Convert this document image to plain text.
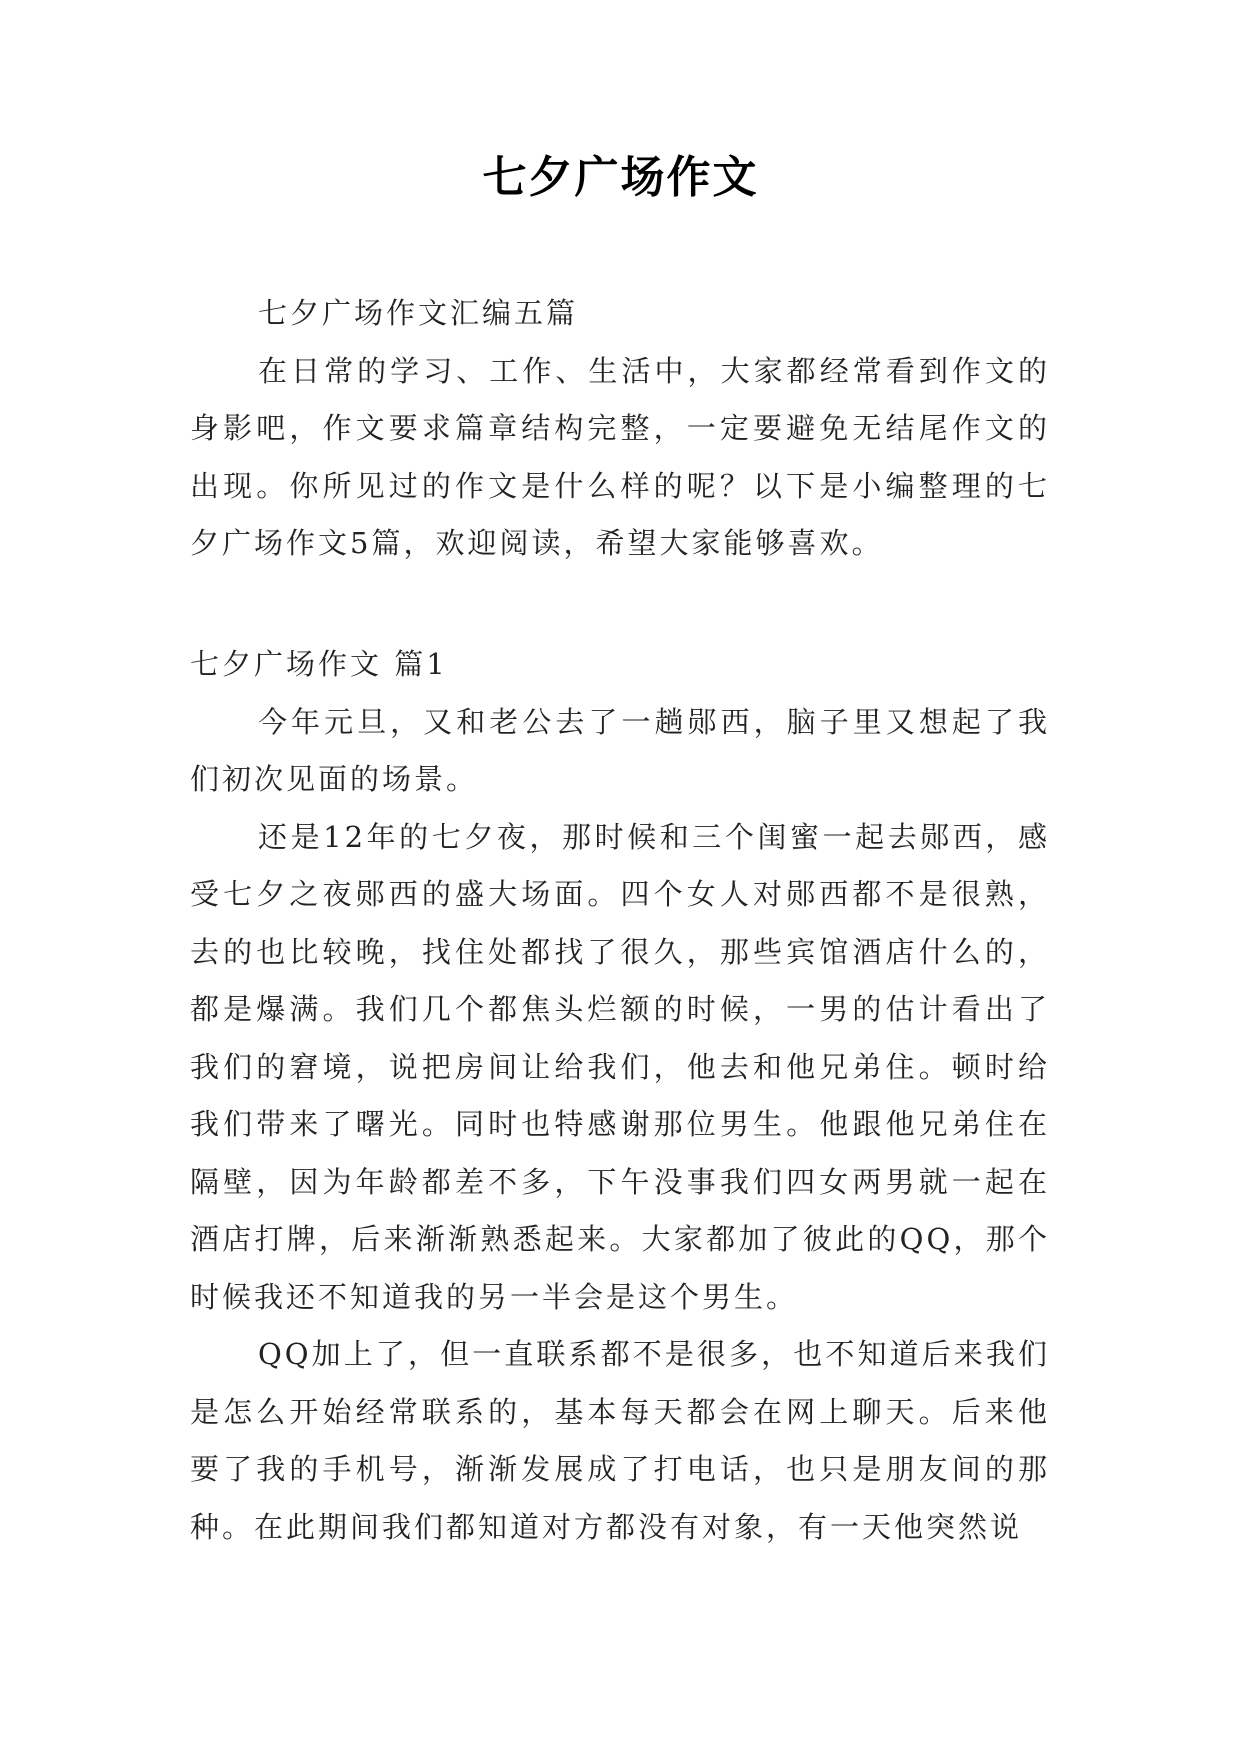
七夕广场作文

七夕广场作文汇编五篇

在日常的学习、工作、生活中，大家都经常看到作文的身影吧，作文要求篇章结构完整，一定要避免无结尾作文的出现。你所见过的作文是什么样的呢？以下是小编整理的七夕广场作文5篇，欢迎阅读，希望大家能够喜欢。

七夕广场作文 篇1

今年元旦，又和老公去了一趟郧西，脑子里又想起了我们初次见面的场景。

还是12年的七夕夜，那时候和三个闺蜜一起去郧西，感受七夕之夜郧西的盛大场面。四个女人对郧西都不是很熟，去的也比较晚，找住处都找了很久，那些宾馆酒店什么的，都是爆满。我们几个都焦头烂额的时候，一男的估计看出了我们的窘境，说把房间让给我们，他去和他兄弟住。顿时给我们带来了曙光。同时也特感谢那位男生。他跟他兄弟住在隔壁，因为年龄都差不多，下午没事我们四女两男就一起在酒店打牌，后来渐渐熟悉起来。大家都加了彼此的QQ，那个时候我还不知道我的另一半会是这个男生。

QQ加上了，但一直联系都不是很多，也不知道后来我们是怎么开始经常联系的，基本每天都会在网上聊天。后来他要了我的手机号，渐渐发展成了打电话，也只是朋友间的那种。在此期间我们都知道对方都没有对象，有一天他突然说
